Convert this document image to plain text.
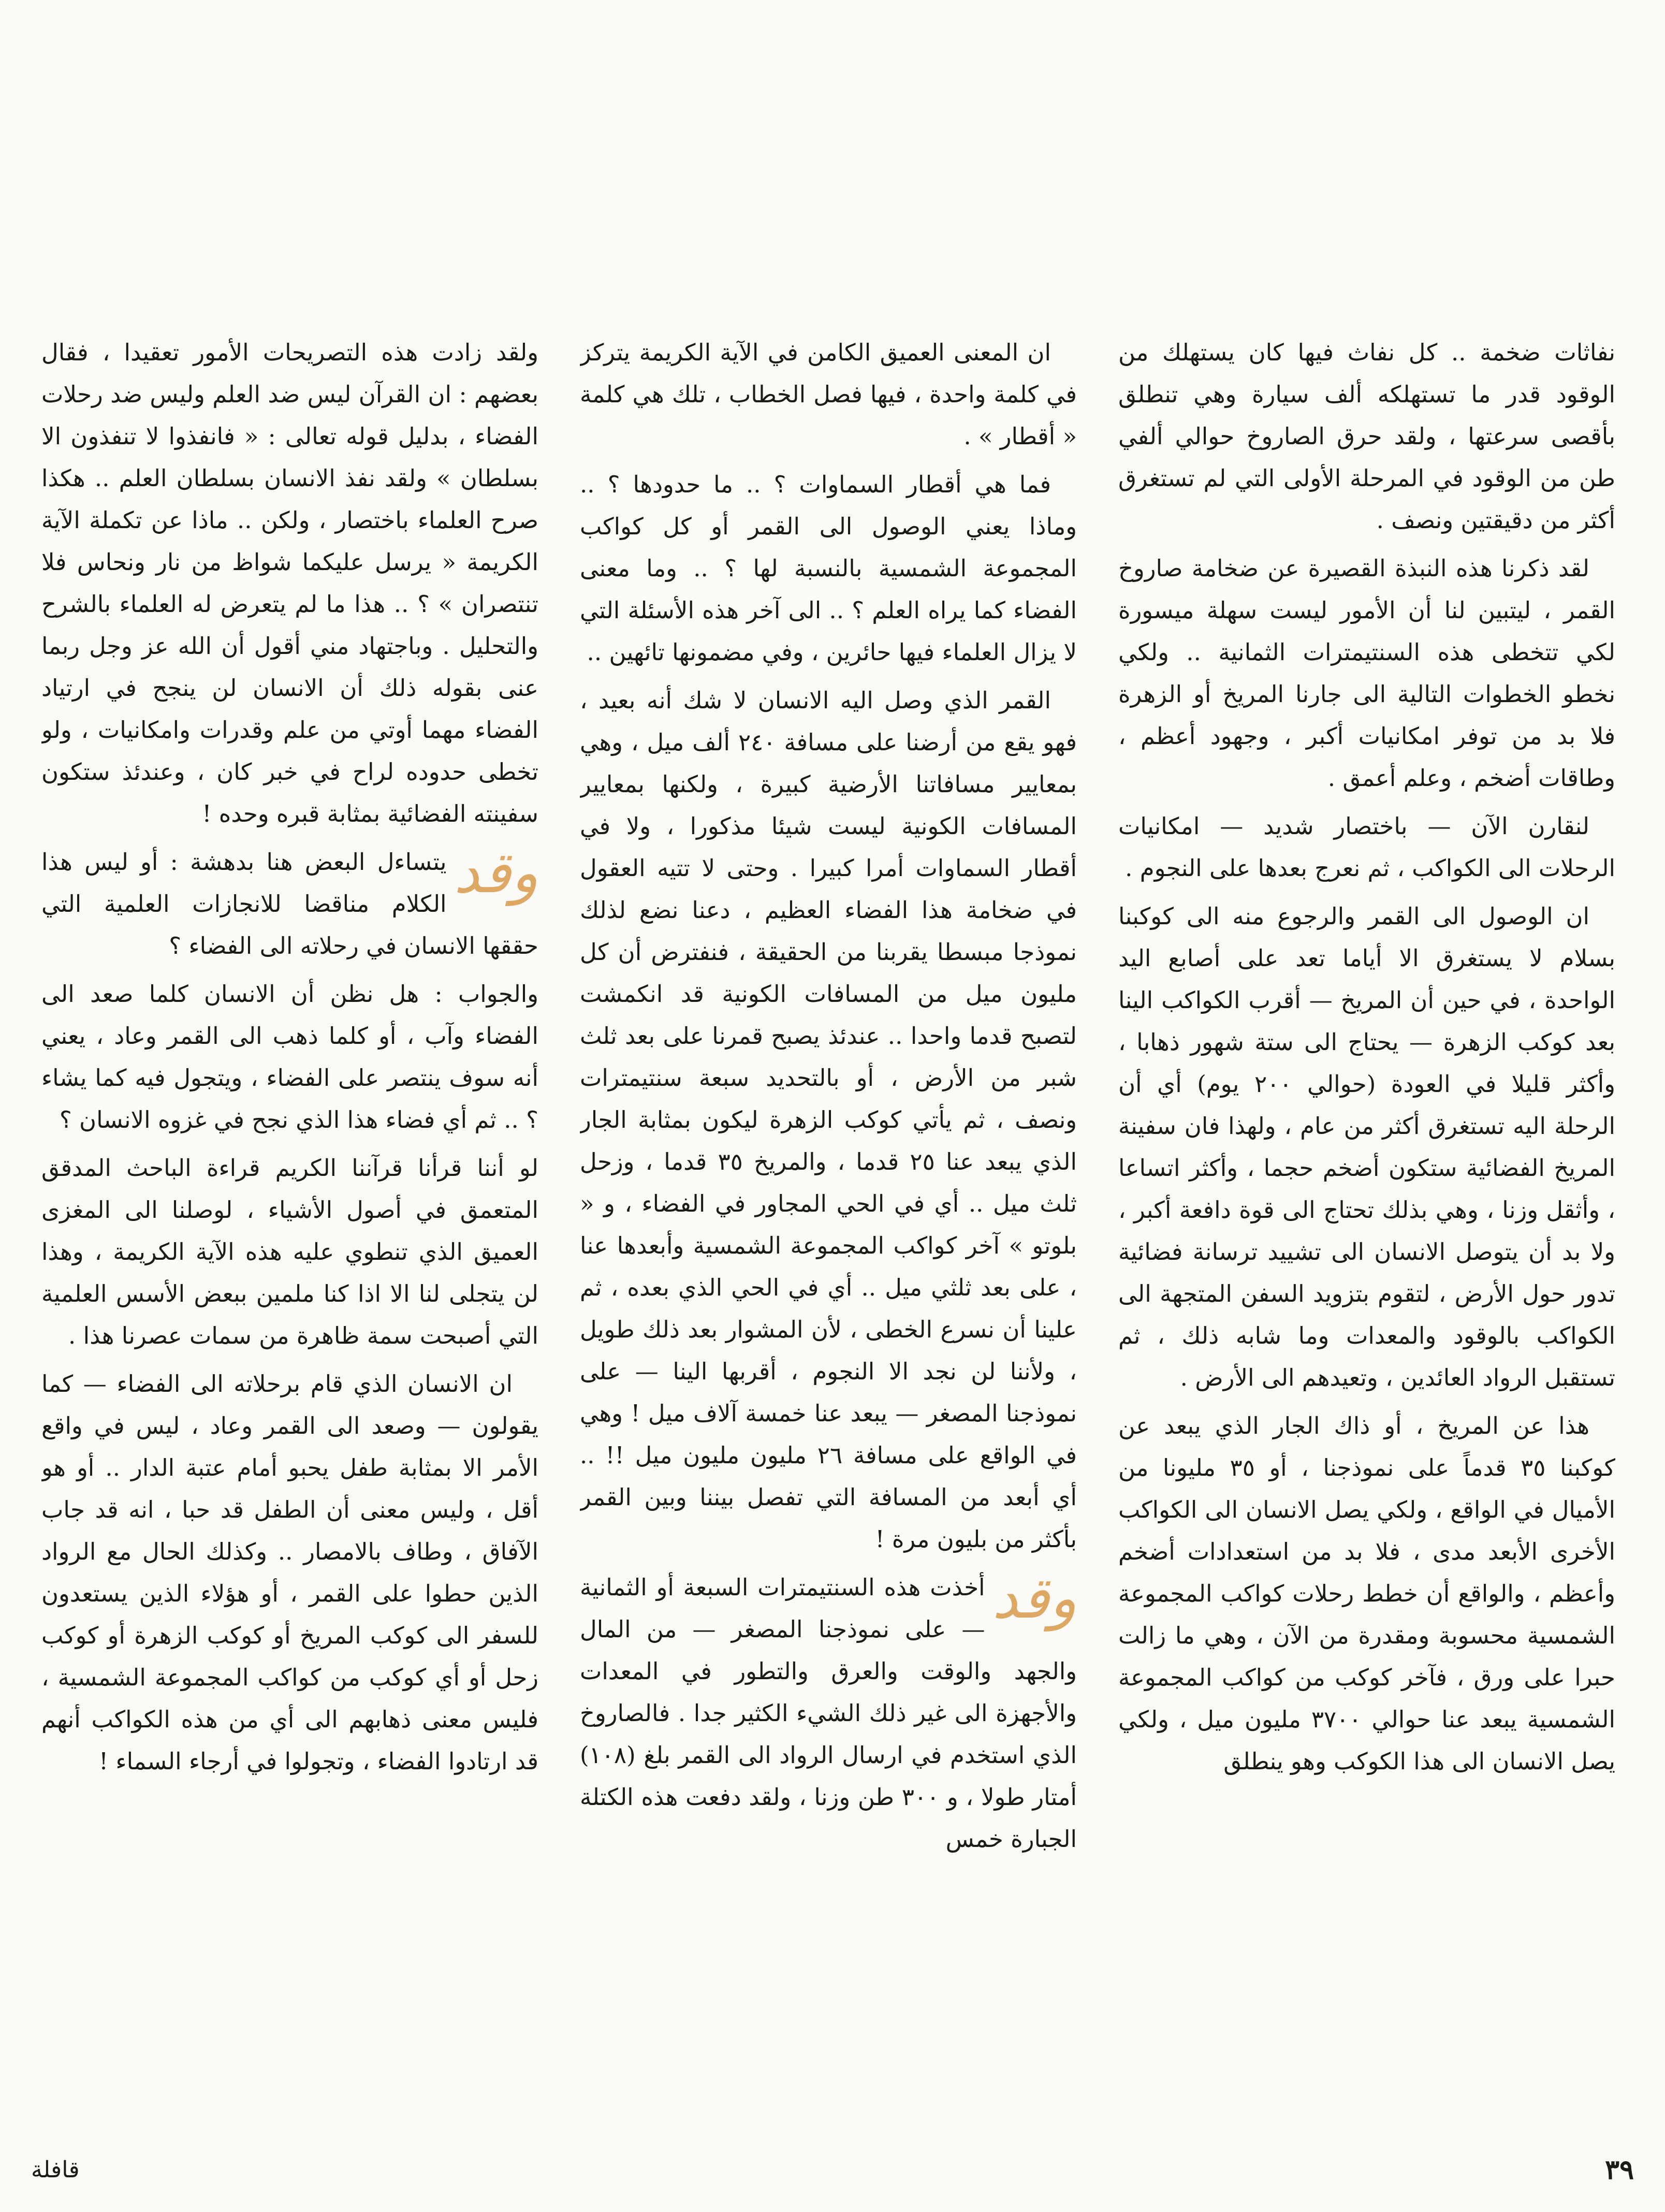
ولقد زادت هذه التصريحات الأمور تعقيدا ، فقال بعضهم : ان القرآن ليس ضد العلم وليس ضد رحلات الفضاء ، بدليل قوله تعالى : « فانفذوا لا تنفذون الا بسلطان » ولقد نفذ الانسان بسلطان العلم .. هكذا صرح العلماء باختصار ، ولكن .. ماذا عن تكملة الآية الكريمة « يرسل عليكما شواظ من نار ونحاس فلا تنتصران » ؟ .. هذا ما لم يتعرض له العلماء بالشرح والتحليل . وباجتهاد مني أقول أن الله عز وجل ربما عنى بقوله ذلك أن الانسان لن ينجح في ارتياد الفضاء مهما أوتي من علم وقدرات وامكانيات ، ولو تخطى حدوده لراح في خبر كان ، وعندئذ ستكون سفينته الفضائية بمثابة قبره وحده !

وقد
يتساءل البعض هنا بدهشة : أو ليس هذا الكلام مناقضا للانجازات العلمية التي حققها الانسان في رحلاته الى الفضاء ؟

والجواب : هل نظن أن الانسان كلما صعد الى الفضاء وآب ، أو كلما ذهب الى القمر وعاد ، يعني أنه سوف ينتصر على الفضاء ، ويتجول فيه كما يشاء ؟ .. ثم أي فضاء هذا الذي نجح في غزوه الانسان ؟

لو أننا قرأنا قرآننا الكريم قراءة الباحث المدقق المتعمق في أصول الأشياء ، لوصلنا الى المغزى العميق الذي تنطوي عليه هذه الآية الكريمة ، وهذا لن يتجلى لنا الا اذا كنا ملمين ببعض الأسس العلمية التي أصبحت سمة ظاهرة من سمات عصرنا هذا .

ان الانسان الذي قام برحلاته الى الفضاء — كما يقولون — وصعد الى القمر وعاد ، ليس في واقع الأمر الا بمثابة طفل يحبو أمام عتبة الدار .. أو هو أقل ، وليس معنى أن الطفل قد حبا ، انه قد جاب الآفاق ، وطاف بالامصار .. وكذلك الحال مع الرواد الذين حطوا على القمر ، أو هؤلاء الذين يستعدون للسفر الى كوكب المريخ أو كوكب الزهرة أو كوكب زحل أو أي كوكب من كواكب المجموعة الشمسية ، فليس معنى ذهابهم الى أي من هذه الكواكب أنهم قد ارتادوا الفضاء ، وتجولوا في أرجاء السماء !

ان المعنى العميق الكامن في الآية الكريمة يتركز في كلمة واحدة ، فيها فصل الخطاب ، تلك هي كلمة « أقطار » .

فما هي أقطار السماوات ؟ .. ما حدودها ؟ .. وماذا يعني الوصول الى القمر أو كل كواكب المجموعة الشمسية بالنسبة لها ؟ .. وما معنى الفضاء كما يراه العلم ؟ .. الى آخر هذه الأسئلة التي لا يزال العلماء فيها حائرين ، وفي مضمونها تائهين ..

القمر الذي وصل اليه الانسان لا شك أنه بعيد ، فهو يقع من أرضنا على مسافة ٢٤٠ ألف ميل ، وهي بمعايير مسافاتنا الأرضية كبيرة ، ولكنها بمعايير المسافات الكونية ليست شيئا مذكورا ، ولا في أقطار السماوات أمرا كبيرا . وحتى لا تتيه العقول في ضخامة هذا الفضاء العظيم ، دعنا نضع لذلك نموذجا مبسطا يقربنا من الحقيقة ، فنفترض أن كل مليون ميل من المسافات الكونية قد انكمشت لتصبح قدما واحدا .. عندئذ يصبح قمرنا على بعد ثلث شبر من الأرض ، أو بالتحديد سبعة سنتيمترات ونصف ، ثم يأتي كوكب الزهرة ليكون بمثابة الجار الذي يبعد عنا ٢٥ قدما ، والمريخ ٣٥ قدما ، وزحل ثلث ميل .. أي في الحي المجاور في الفضاء ، و « بلوتو » آخر كواكب المجموعة الشمسية وأبعدها عنا ، على بعد ثلثي ميل .. أي في الحي الذي بعده ، ثم علينا أن نسرع الخطى ، لأن المشوار بعد ذلك طويل ، ولأننا لن نجد الا النجوم ، أقربها الينا — على نموذجنا المصغر — يبعد عنا خمسة آلاف ميل ! وهي في الواقع على مسافة ٢٦ مليون مليون ميل !! .. أي أبعد من المسافة التي تفصل بيننا وبين القمر بأكثر من بليون مرة !

وقد
أخذت هذه السنتيمترات السبعة أو الثمانية — على نموذجنا المصغر — من المال والجهد والوقت والعرق والتطور في المعدات والأجهزة الى غير ذلك الشيء الكثير جدا . فالصاروخ الذي استخدم في ارسال الرواد الى القمر بلغ (١٠٨) أمتار طولا ، و ٣٠٠ طن وزنا ، ولقد دفعت هذه الكتلة الجبارة خمس

نفاثات ضخمة .. كل نفاث فيها كان يستهلك من الوقود قدر ما تستهلكه ألف سيارة وهي تنطلق بأقصى سرعتها ، ولقد حرق الصاروخ حوالي ألفي طن من الوقود في المرحلة الأولى التي لم تستغرق أكثر من دقيقتين ونصف .

لقد ذكرنا هذه النبذة القصيرة عن ضخامة صاروخ القمر ، ليتبين لنا أن الأمور ليست سهلة ميسورة لكي تتخطى هذه السنتيمترات الثمانية .. ولكي نخطو الخطوات التالية الى جارنا المريخ أو الزهرة فلا بد من توفر امكانيات أكبر ، وجهود أعظم ، وطاقات أضخم ، وعلم أعمق .

لنقارن الآن — باختصار شديد — امكانيات الرحلات الى الكواكب ، ثم نعرج بعدها على النجوم .

ان الوصول الى القمر والرجوع منه الى كوكبنا بسلام لا يستغرق الا أياما تعد على أصابع اليد الواحدة ، في حين أن المريخ — أقرب الكواكب الينا بعد كوكب الزهرة — يحتاج الى ستة شهور ذهابا ، وأكثر قليلا في العودة (حوالي ٢٠٠ يوم) أي أن الرحلة اليه تستغرق أكثر من عام ، ولهذا فان سفينة المريخ الفضائية ستكون أضخم حجما ، وأكثر اتساعا ، وأثقل وزنا ، وهي بذلك تحتاج الى قوة دافعة أكبر ، ولا بد أن يتوصل الانسان الى تشييد ترسانة فضائية تدور حول الأرض ، لتقوم بتزويد السفن المتجهة الى الكواكب بالوقود والمعدات وما شابه ذلك ، ثم تستقبل الرواد العائدين ، وتعيدهم الى الأرض .

هذا عن المريخ ، أو ذاك الجار الذي يبعد عن كوكبنا ٣٥ قدماً على نموذجنا ، أو ٣٥ مليونا من الأميال في الواقع ، ولكي يصل الانسان الى الكواكب الأخرى الأبعد مدى ، فلا بد من استعدادات أضخم وأعظم ، والواقع أن خطط رحلات كواكب المجموعة الشمسية محسوبة ومقدرة من الآن ، وهي ما زالت حبرا على ورق ، فآخر كوكب من كواكب المجموعة الشمسية يبعد عنا حوالي ٣٧٠٠ مليون ميل ، ولكي يصل الانسان الى هذا الكوكب وهو ينطلق

قافلة	٣٩
